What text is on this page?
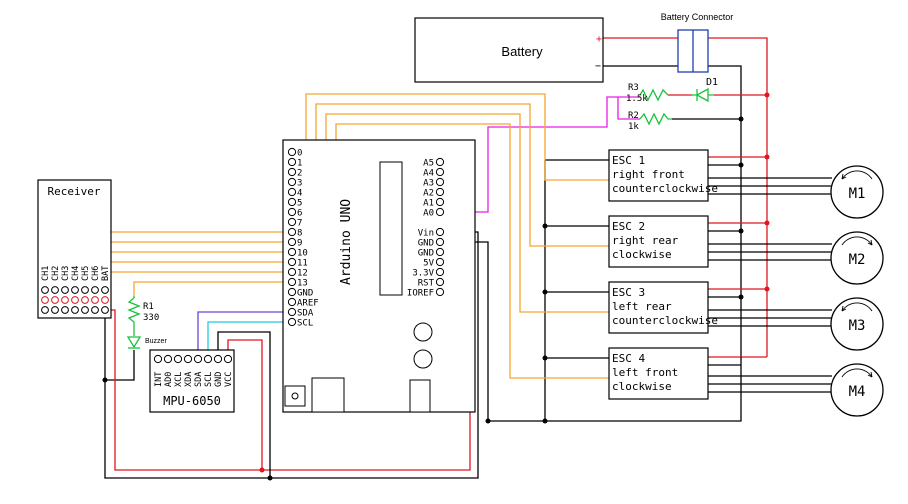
Battery
+
−
Battery Connector
D1
R3
1.5k
R2
1k
Arduino UNO
0
1
2
3
4
5
6
7
8
9
10
11
12
13
GND
AREF
SDA
SCL
A5
A4
A3
A2
A1
A0
Vin
GND
GND
5V
3.3V
RST
IOREF
Receiver
CH1 CH2 CH3 CH4 CH5 CH6 BAT
R1
330
Buzzer
MPU-6050
INT AD0 XCL XDA SDA SCL GND VCC
ESC 1
right front
counterclockwise
ESC 2
right rear
clockwise
ESC 3
left rear
counterclockwise
ESC 4
left front
clockwise
M1
M2
M3
M4
